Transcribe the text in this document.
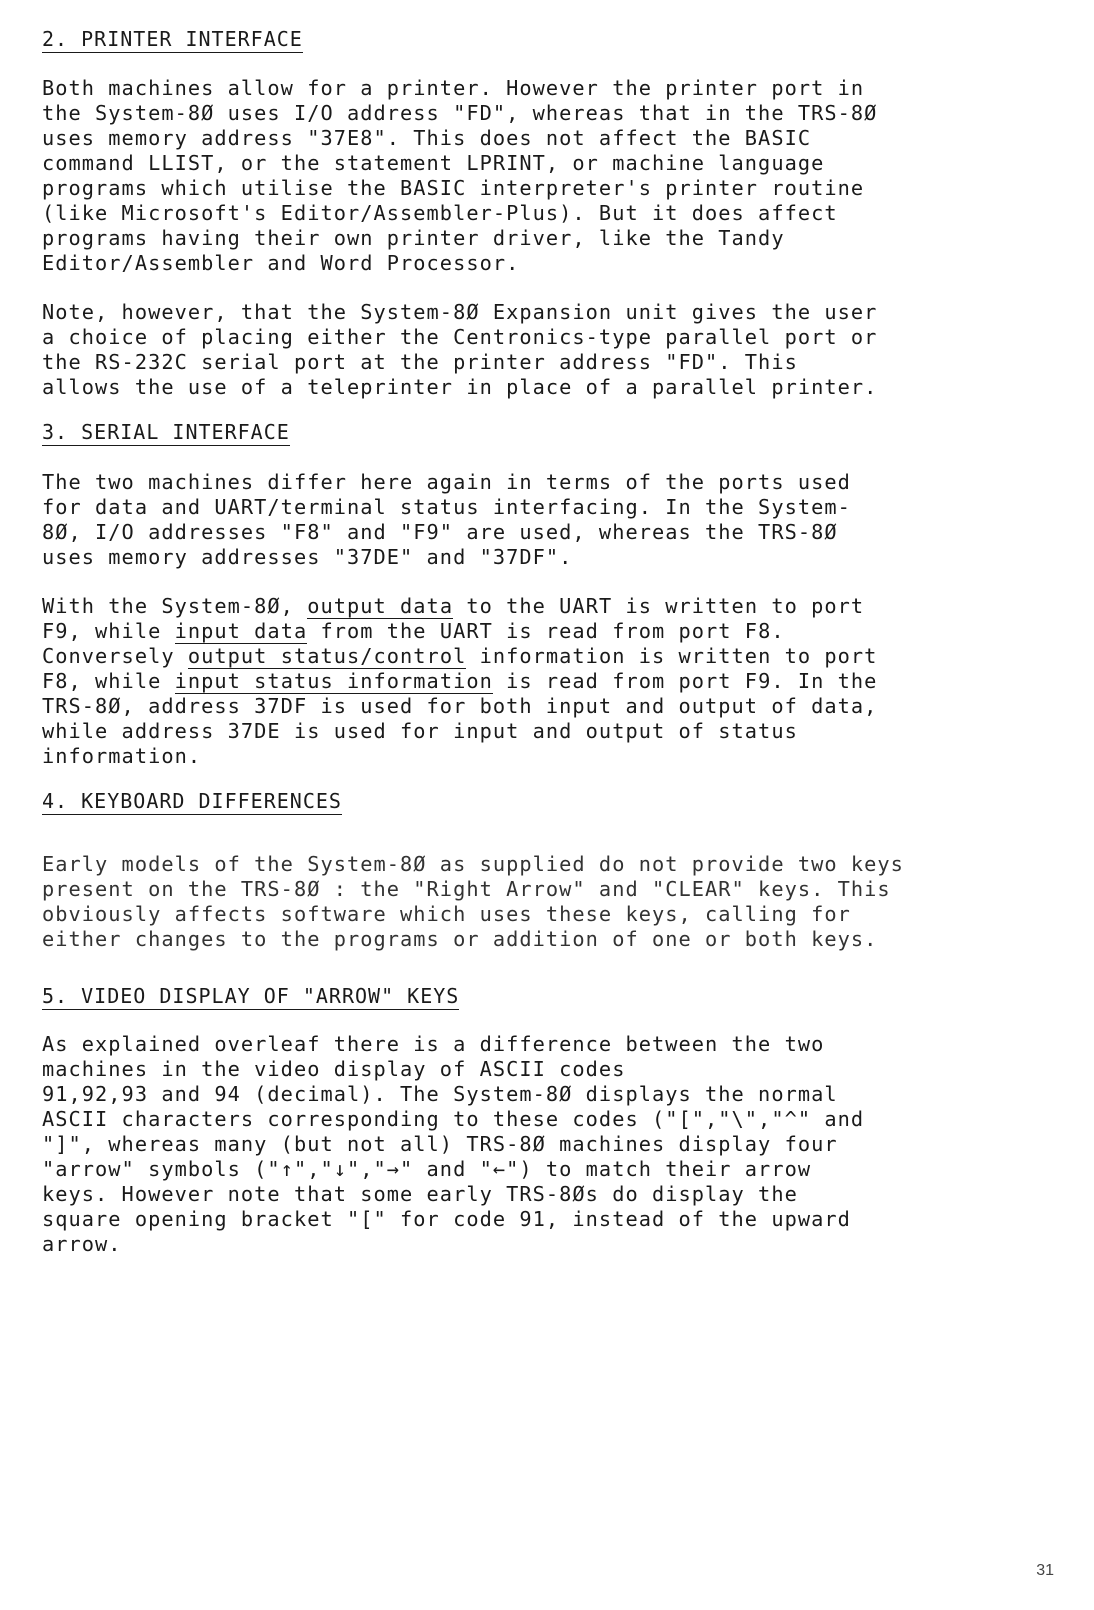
2. PRINTER INTERFACE
Both machines allow for a printer. However the printer port in
the System-8Ø uses I/O address "FD", whereas that in the TRS-8Ø
uses memory address "37E8". This does not affect the BASIC
command LLIST, or the statement LPRINT, or machine language
programs which utilise the BASIC interpreter's printer routine
(like Microsoft's Editor/Assembler-Plus). But it does affect
programs having their own printer driver, like the Tandy
Editor/Assembler and Word Processor.
Note, however, that the System-8Ø Expansion unit gives the user
a choice of placing either the Centronics-type parallel port or
the RS-232C serial port at the printer address "FD". This
allows the use of a teleprinter in place of a parallel printer.
3. SERIAL INTERFACE
The two machines differ here again in terms of the ports used
for data and UART/terminal status interfacing. In the System-
8Ø, I/O addresses "F8" and "F9" are used, whereas the TRS-8Ø
uses memory addresses "37DE" and "37DF".
With the System-8Ø, output data to the UART is written to port
F9, while input data from the UART is read from port F8.
Conversely output status/control information is written to port
F8, while input status information is read from port F9. In the
TRS-8Ø, address 37DF is used for both input and output of data,
while address 37DE is used for input and output of status
information.
4. KEYBOARD DIFFERENCES
Early models of the System-8Ø as supplied do not provide two keys
present on the TRS-8Ø : the "Right Arrow" and "CLEAR" keys. This
obviously affects software which uses these keys, calling for
either changes to the programs or addition of one or both keys.
5. VIDEO DISPLAY OF "ARROW" KEYS
As explained overleaf there is a difference between the two
machines in the video display of ASCII codes
91,92,93 and 94 (decimal). The System-8Ø displays the normal
ASCII characters corresponding to these codes ("[","\","^" and
"]", whereas many (but not all) TRS-8Ø machines display four
"arrow" symbols ("↑","↓","→" and "←") to match their arrow
keys. However note that some early TRS-8Øs do display the
square opening bracket "[" for code 91, instead of the upward
arrow.
31
